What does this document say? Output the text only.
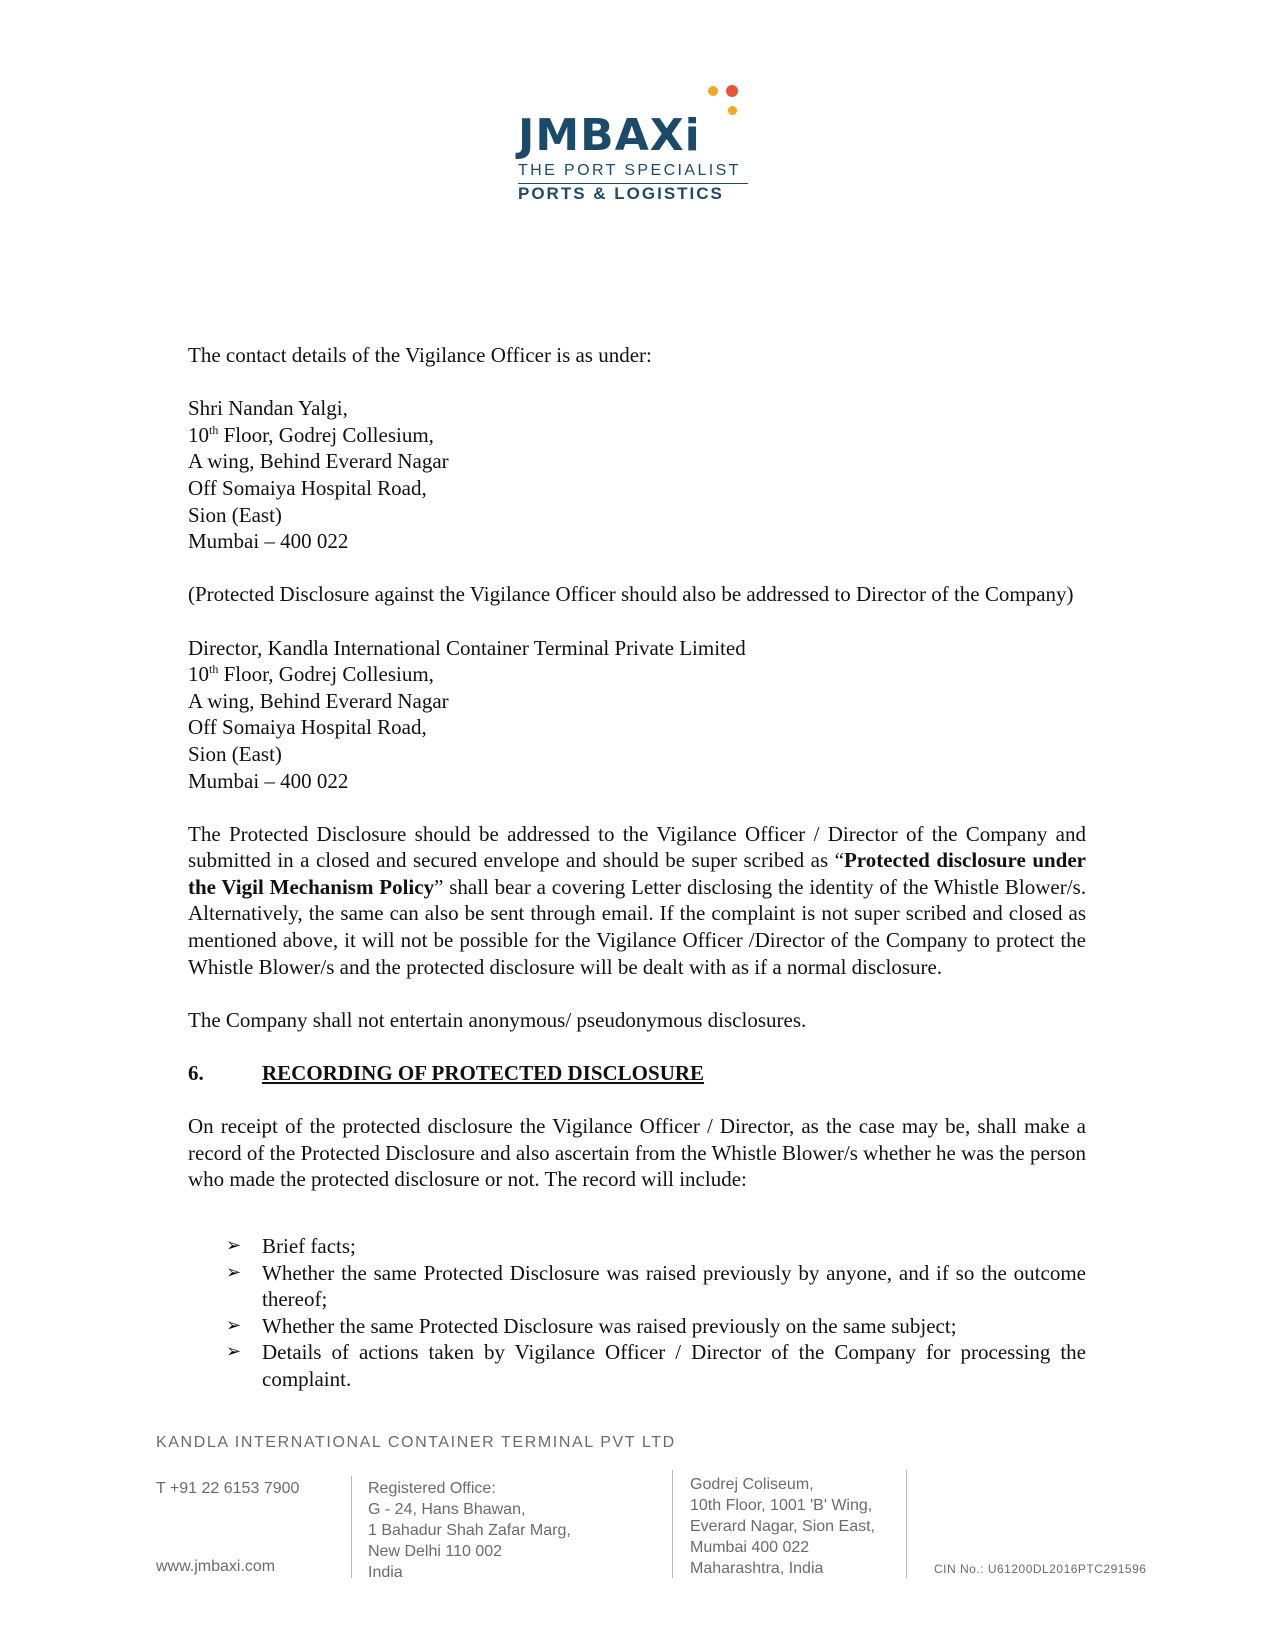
JMBAXi
THE PORT SPECIALIST
PORTS & LOGISTICS

The contact details of the Vigilance Officer is as under:

Shri Nandan Yalgi,
10th Floor, Godrej Collesium,
A wing, Behind Everard Nagar
Off Somaiya Hospital Road,
Sion (East)
Mumbai – 400 022

(Protected Disclosure against the Vigilance Officer should also be addressed to Director of the Company)

Director, Kandla International Container Terminal Private Limited
10th Floor, Godrej Collesium,
A wing, Behind Everard Nagar
Off Somaiya Hospital Road,
Sion (East)
Mumbai – 400 022

The Protected Disclosure should be addressed to the Vigilance Officer / Director of the Company and submitted in a closed and secured envelope and should be super scribed as “Protected disclosure under the Vigil Mechanism Policy” shall bear a covering Letter disclosing the identity of the Whistle Blower/s. Alternatively, the same can also be sent through email. If the complaint is not super scribed and closed as mentioned above, it will not be possible for the Vigilance Officer /Director of the Company to protect the Whistle Blower/s and the protected disclosure will be dealt with as if a normal disclosure.

The Company shall not entertain anonymous/ pseudonymous disclosures.

6.	RECORDING OF PROTECTED DISCLOSURE

On receipt of the protected disclosure the Vigilance Officer / Director, as the case may be, shall make a record of the Protected Disclosure and also ascertain from the Whistle Blower/s whether he was the person who made the protected disclosure or not. The record will include:

➢ Brief facts;
➢ Whether the same Protected Disclosure was raised previously by anyone, and if so the outcome thereof;
➢ Whether the same Protected Disclosure was raised previously on the same subject;
➢ Details of actions taken by Vigilance Officer / Director of the Company for processing the complaint.
KANDLA INTERNATIONAL CONTAINER TERMINAL PVT LTD
T +91 22 6153 7900
www.jmbaxi.com
Registered Office:
G - 24, Hans Bhawan,
1 Bahadur Shah Zafar Marg,
New Delhi 110 002
India
Godrej Coliseum,
10th Floor, 1001 'B' Wing,
Everard Nagar, Sion East,
Mumbai 400 022
Maharashtra, India	CIN No.: U61200DL2016PTC291596
